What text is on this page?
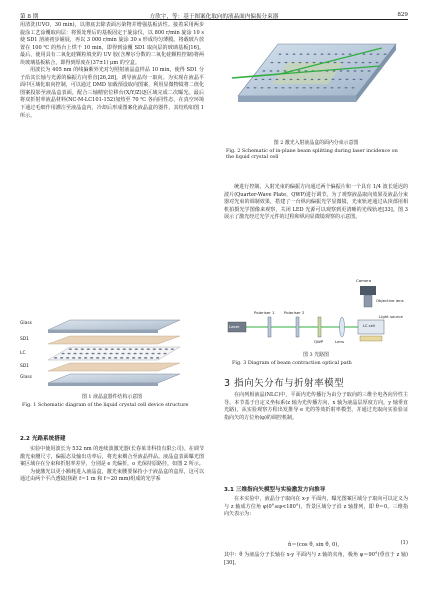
第 8 期	方欣宇，等：基于图案化取向的液晶面内偏振分束器	829

用清洗(UVO，30 min)，以彻底去除表面污染物并增强基板活性。接着采用两步旋涂工艺涂覆取向层：将预处理后的基板固定于旋涂仪，以 800 r/min 旋涂 10 s 使 SD1 溶液初步铺展，再以 3 000 r/min 旋涂 30 s 形成均匀薄膜。将载玻片放置在 100 ℃ 的热台上烘干 10 min，即得到涂覆 SD1 取向层的玻璃基板[16]。最后，使用具有二氧化硅颗粒填充的 UV 胶(含摩尔分数的二氧化硅颗粒控制)将两块玻璃基板粘合，即得到厚度在(37±1) μm 的空盒。

用波长为 405 nm 的线偏紫外光对匀照射液晶盒样品 10 min，使得 SD1 分子沿其长轴与光源的偏振方向垂直[26,28]，诱导液晶均一取向。为实现在液晶平面中区域化取向控制，可以通过 DMD 加载预设取向图案，利用显微物镜将二值化图案投影至液晶盒表面，配合三轴精密位移台(X/Y/Z)逐区域完成二次曝光。最后将双折射率液晶材料(NC-M-LC101-152)加热至 70 ℃ 各向同性态，在真空环境下通过毛细作用灌注至液晶盒内，冷却后形成图案化液晶盒的器件，其结构如图 1 所示。

Glass
SD1
LC
SD1
Glass
图 1 液晶盒器件结构示意图
Fig. 1 Schematic diagram of the liquid crystal cell device structure
2.2 光路系统搭建

实验中使用波长为 532 nm 的连续波激光器(长春莱非科技有限公司)。在调节激光束腰尺寸，偏振态及输出功率后，将光束耦合至液晶样品。液晶盒表面曝光图案区域存在分束和折射率差异，分别是 e 光偏折，o 光保持原路径，如图 2 所示。

为使激光以更小额耗进入液晶盒，激光束腰要保持小于液晶盒的盒厚，这可以通过由两个平凸透镜(焦距 f＝1 m 和 f＝20 mm)组成的光学系

图 2 激光入射液晶盒的面内分束示意图
Fig. 2 Schematic of in-plane beam splitting during laser incidence on the liquid crystal cell

统进行控制。入射光束的偏振方向通过两个偏振片和一个具有 1/4 波长延迟的波片(Quarter-Wave Plate，QWP)进行调节。为了观察液晶取向效果及液晶分束器对光束的调制效果，搭建了一台纵向偏振光学显微镜，光束轨迹通过从顶部用相机拍摄光学图像来观察，关闭 LED 光源可以观察到更清晰的光线轨迹[33]。图 3 展示了激光经过光学元件的过程和纵向显微镜观察的示意图。

Camera
Objective lens
Laser
Polariser 1 Polariser 2
QWP	Lens
LC cell
Light source
图 3 光路图
Fig. 3 Diagram of beam contraction optical path
3 指向矢分布与折射率模型

在向列相液晶(NLC)中，平面内光传播行为由分子取向的三维全电各向异性主导。本节基于自定义坐标系(z 轴为光传播方向，x 轴为液晶层厚度方向，y 轴垂直光路)，从实验观察方程出发推导 e 光的等效折射率模型，并通过光取向实验验证指向矢的方位角(φ)的调控机制。

3.1 三维指向矢模型与实验激发方向推导

在本实验中，液晶分子取向在 x-y 平面内，曝光图案区域分子取向可以定义为与 z 轴成方位角 φ(0°≤φ<180°)，背景区域分子沿 z 轴排列，即 θ＝0。三维指向矢表示为：

n̂＝(cos θ, sin θ, 0)，	(1)

其中：θ 为液晶分子长轴在 x-y 平面内与 z 轴的夹角，极角 φ＝90°(垂直于 z 轴)[30]。
